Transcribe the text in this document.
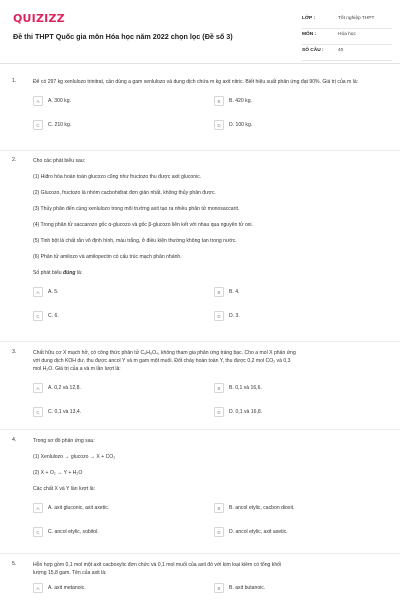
QUIZIZZ
Đề thi THPT Quốc gia môn Hóa học năm 2022 chọn lọc (Đề số 3)
LỚP :	Tốt nghiệp THPT
MÔN :	Hóa học
SỐ CÂU :	40
1.	Để có 297 kg xenlulozo trinitrat, cần dùng a gam xenlulozo và dung dịch chứa m kg axit nitric. Biết hiệu suất phản ứng đạt 90%. Giá trị của m là:
A	A. 300 kg.	B	B. 420 kg.
C	C. 210 kg.	D	D. 100 kg.
2.	Cho các phát biểu sau:
(1) Hiđro hóa hoàn toàn glucozo cũng như fructozo thu được axit gluconic.
(2) Glucozo, fructozo là nhóm cacbohiđrat đơn giản nhất, không thủy phân được.
(3) Thủy phân đến cùng xenlulozo trong môi trường axit tạo ra nhiều phân tử monosaccarit.
(4) Trong phân tử saccarozo gốc α-glucozo và gốc β-glucozo liên kết với nhau qua nguyên tử oxi.
(5) Tinh bột là chất rắn vô định hình, màu trắng, ở điều kiện thường không tan trong nước.
(6) Phân tử amilozo và amilopectin có cấu trúc mạch phân nhánh.
Số phát biểu đúng là:
A	A. 5.	B	B. 4.
C	C. 6.	D	D. 3.
3.	Chất hữu cơ X mạch hở, có công thức phân tử C₈H₈O₄, không tham gia phản ứng tráng bạc. Cho a mol X phản ứng
với dung dịch KOH dư, thu được ancol Y và m gam một muối. Đốt cháy hoàn toàn Y, thu được 0,2 mol CO₂ và 0,3
mol H₂O. Giá trị của a và m lần lượt là:
A	A. 0,2 và 12,8.	B	B. 0,1 và 16,6.
C	C. 0,1 và 13,4.	D	D. 0,1 và 16,8.
4.	Trong sơ đồ phản ứng sau:
(1) Xenlulozo → glucozo → X + CO₂
(2) X + O₂ → Y + H₂O
Các chất X và Y lần lượt là:
A	A. axit gluconic, axit axetic.	B	B. ancol etylic, cacbon dioxit.
C	C. ancol etylic, sobitol.	D	D. ancol etylic, axit axetic.
5.	Hỗn hợp gồm 0,1 mol một axit cacboxylic đơn chức và 0,1 mol muối của axit đó với kim loại kiềm có tổng khối
lượng 15,8 gam. Tên của axit là:
A	A. axit metanoic.	B	B. axit butanoic.
